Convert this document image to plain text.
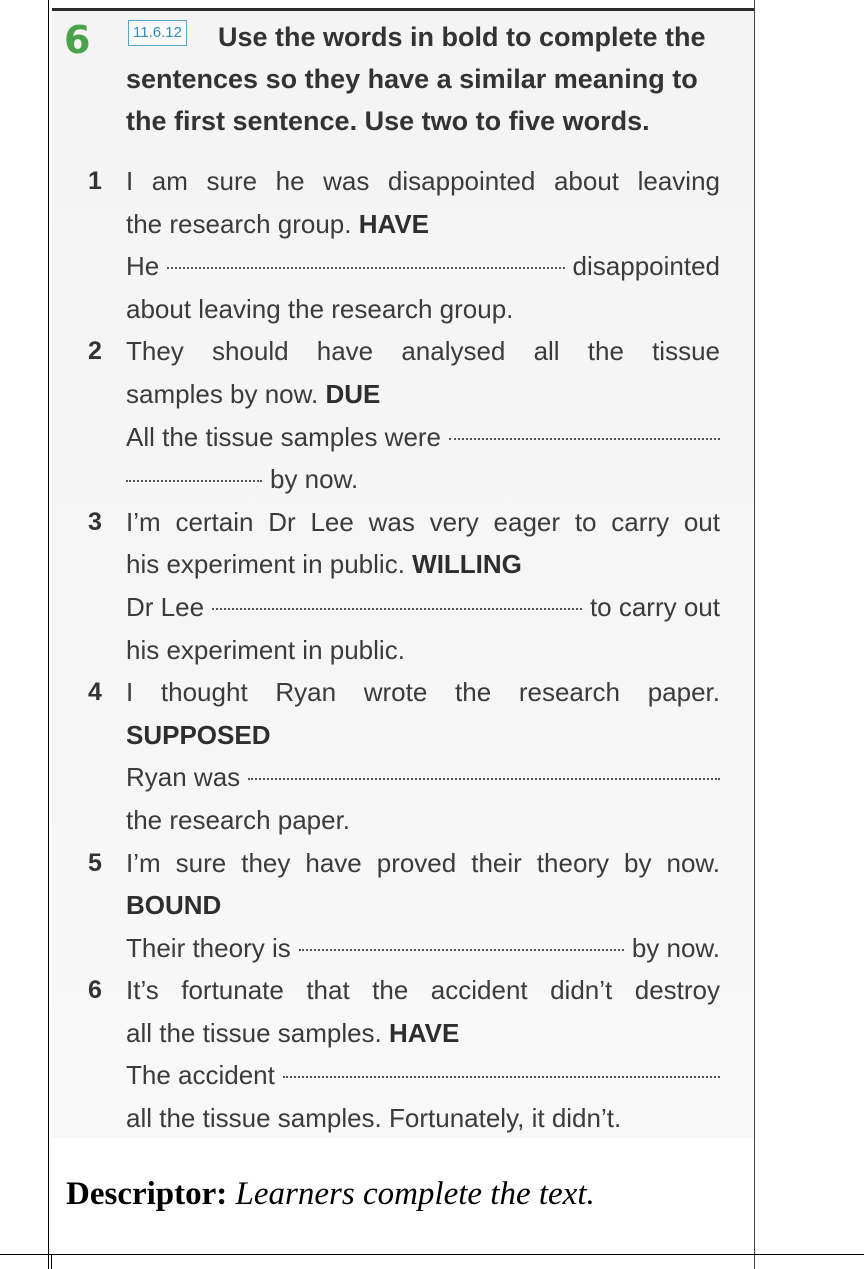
6	11.6.12	Use the words in bold to complete the
sentences so they have a similar meaning to
the first sentence. Use two to five words.

1 I am sure he was disappointed about leaving
the research group. HAVE
He	disappointed
about leaving the research group.
2 They should have analysed all the tissue
samples by now. DUE
All the tissue samples were
by now.
3 I’m certain Dr Lee was very eager to carry out
his experiment in public. WILLING
Dr Lee	to carry out
his experiment in public.
4 I thought Ryan wrote the research paper.
SUPPOSED
Ryan was
the research paper.
5 I’m sure they have proved their theory by now.
BOUND
Their theory is	by now.
6 It’s fortunate that the accident didn’t destroy
all the tissue samples. HAVE
The accident
all the tissue samples. Fortunately, it didn’t.
Descriptor: Learners complete the text.
